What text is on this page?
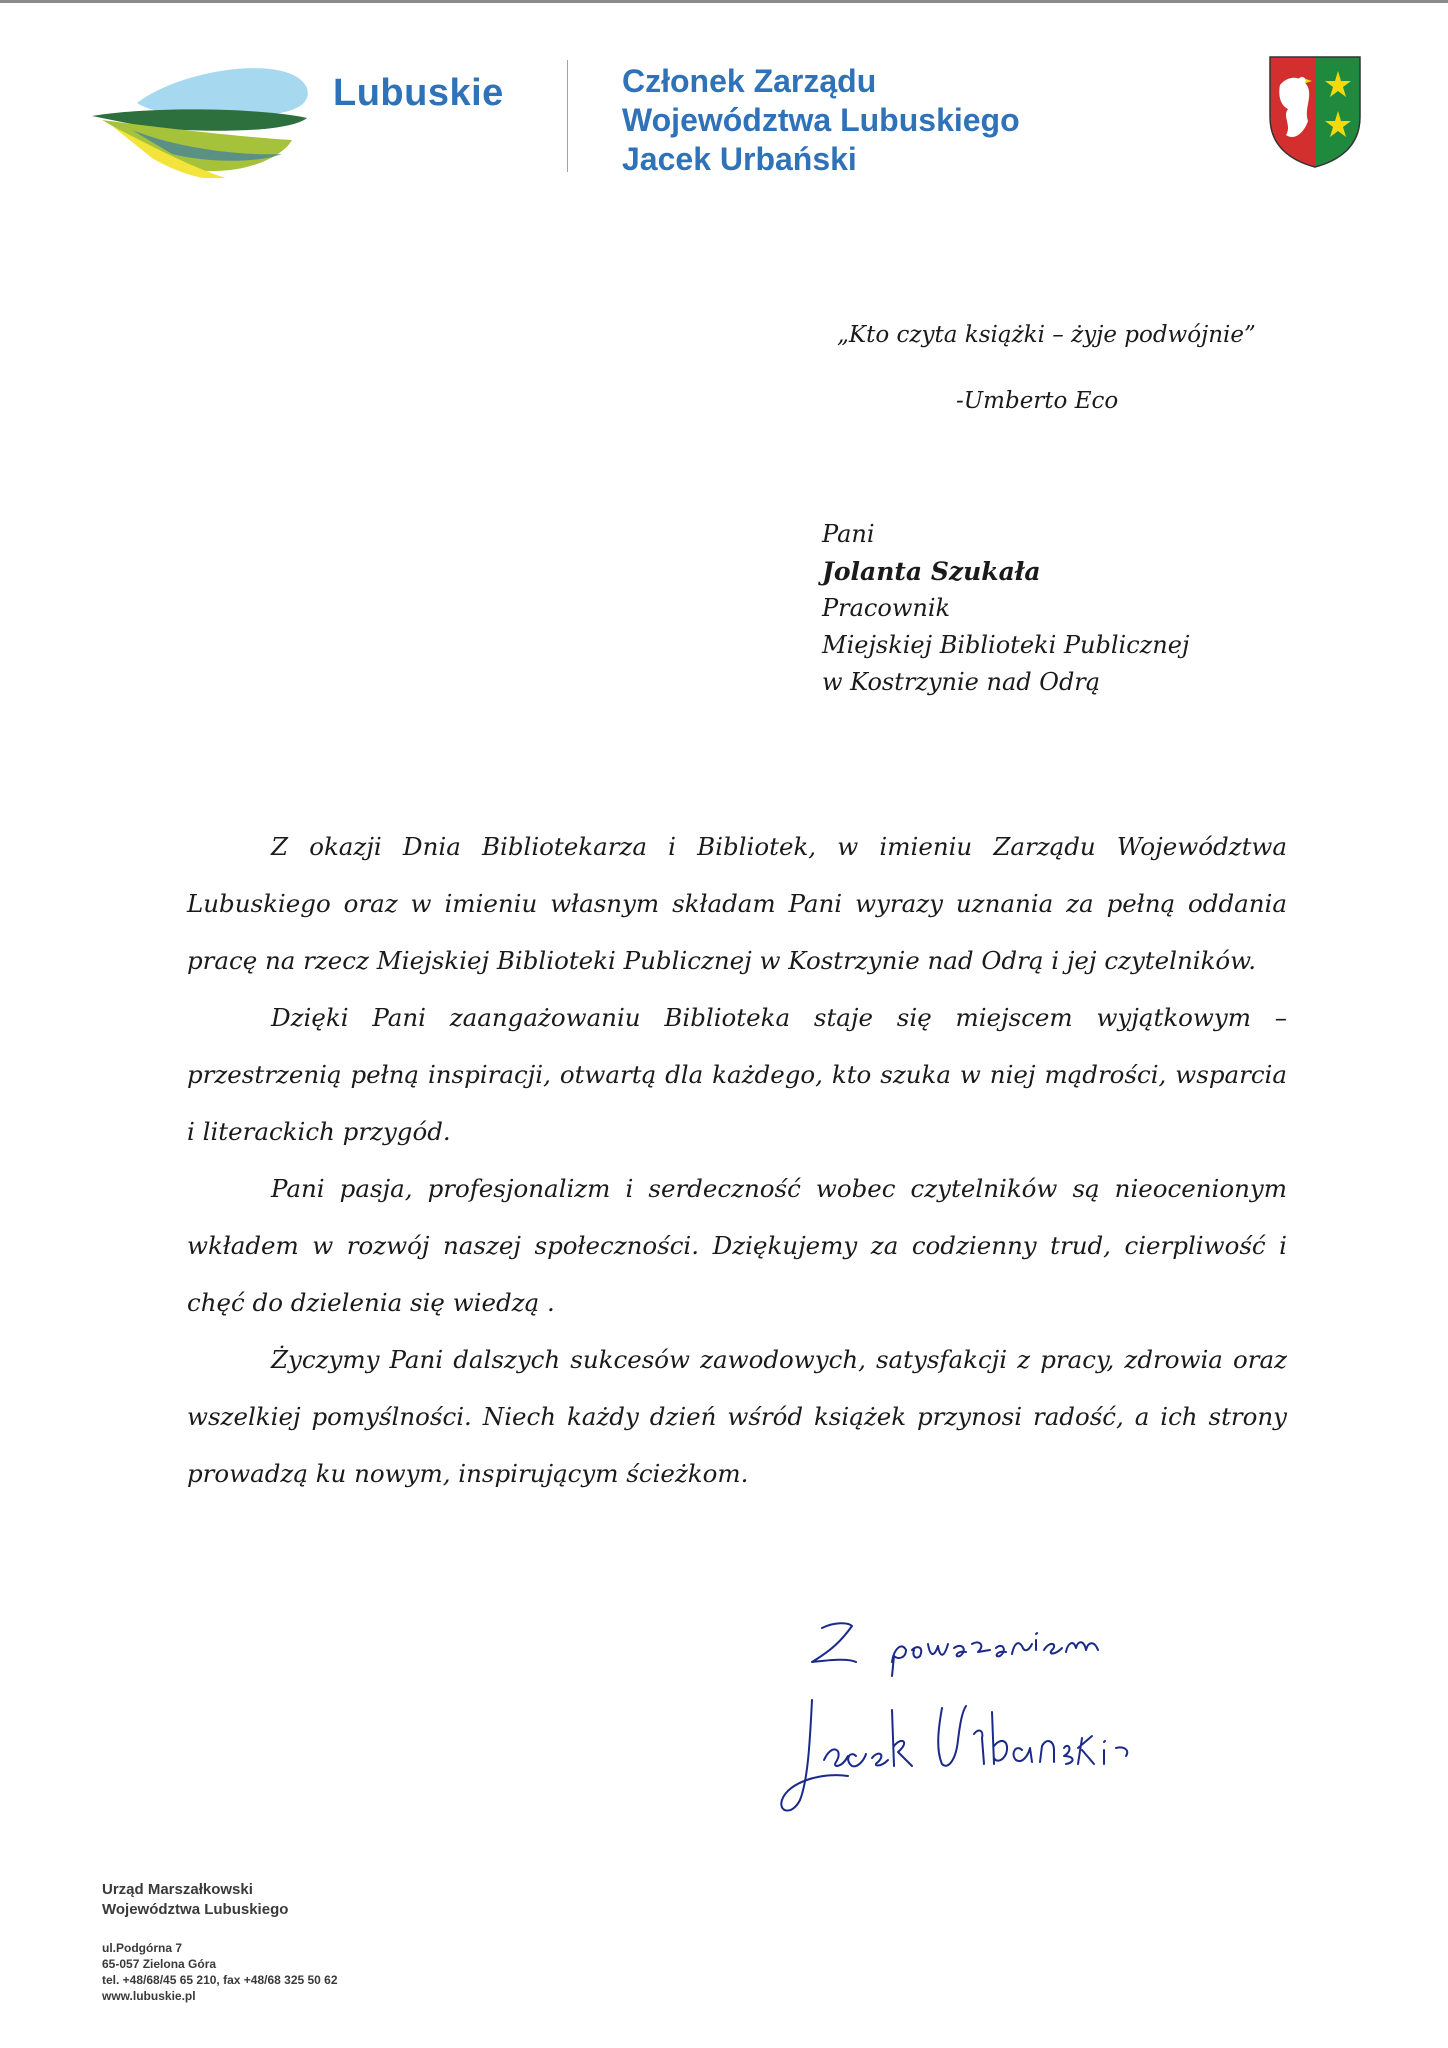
Lubuskie	Członek Zarządu
Województwa Lubuskiego
Jacek Urbański
„Kto czyta książki – żyje podwójnie”
-Umberto Eco
Pani
Jolanta Szukała
Pracownik
Miejskiej Biblioteki Publicznej
w Kostrzynie nad Odrą

Z okazji Dnia Bibliotekarza i Bibliotek, w imieniu Zarządu Województwa Lubuskiego oraz w imieniu własnym składam Pani wyrazy uznania za pełną oddania pracę na rzecz Miejskiej Biblioteki Publicznej w Kostrzynie nad Odrą i jej czytelników.

Dzięki Pani zaangażowaniu Biblioteka staje się miejscem wyjątkowym – przestrzenią pełną inspiracji, otwartą dla każdego, kto szuka w niej mądrości, wsparcia i literackich przygód.

Pani pasja, profesjonalizm i serdeczność wobec czytelników są nieocenionym wkładem w rozwój naszej społeczności. Dziękujemy za codzienny trud, cierpliwość i chęć do dzielenia się wiedzą .

Życzymy Pani dalszych sukcesów zawodowych, satysfakcji z pracy, zdrowia oraz wszelkiej pomyślności. Niech każdy dzień wśród książek przynosi radość, a ich strony prowadzą ku nowym, inspirującym ścieżkom.

Urząd Marszałkowski
Województwa Lubuskiego
ul.Podgórna 7
65-057 Zielona Góra
tel. +48/68/45 65 210, fax +48/68 325 50 62
www.lubuskie.pl
